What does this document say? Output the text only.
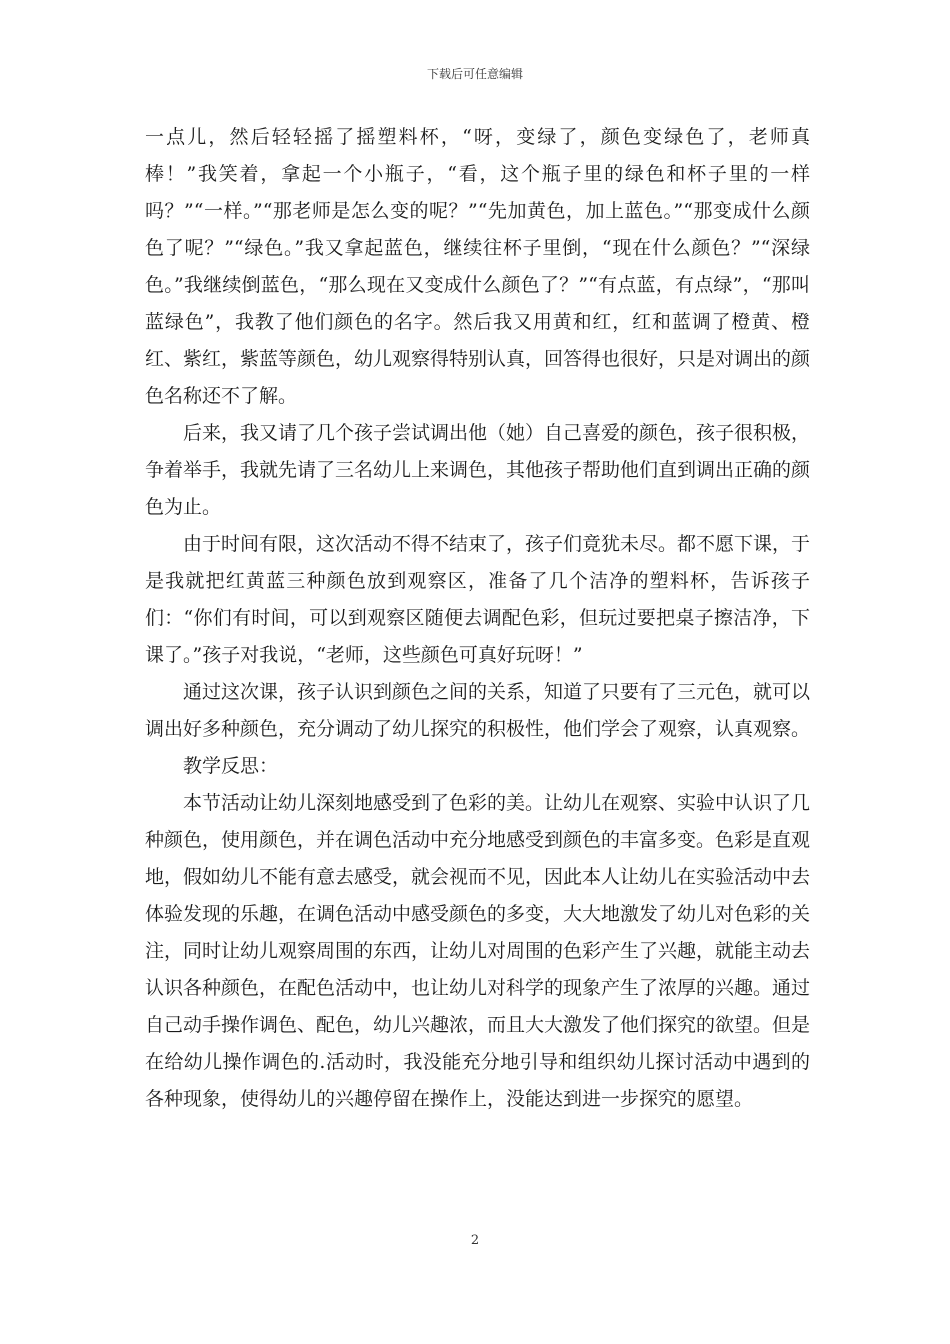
下载后可任意编辑

一点儿，然后轻轻摇了摇塑料杯，“呀，变绿了，颜色变绿色了，老师真棒！”我笑着，拿起一个小瓶子，“看，这个瓶子里的绿色和杯子里的一样吗？”“一样。”“那老师是怎么变的呢？”“先加黄色，加上蓝色。”“那变成什么颜色了呢？”“绿色。”我又拿起蓝色，继续往杯子里倒，“现在什么颜色？”“深绿色。”我继续倒蓝色，“那么现在又变成什么颜色了？”“有点蓝，有点绿”，“那叫蓝绿色”，我教了他们颜色的名字。然后我又用黄和红，红和蓝调了橙黄、橙红、紫红，紫蓝等颜色，幼儿观察得特别认真，回答得也很好，只是对调出的颜色名称还不了解。

后来，我又请了几个孩子尝试调出他（她）自己喜爱的颜色，孩子很积极，争着举手，我就先请了三名幼儿上来调色，其他孩子帮助他们直到调出正确的颜色为止。

由于时间有限，这次活动不得不结束了，孩子们竟犹未尽。都不愿下课，于是我就把红黄蓝三种颜色放到观察区，准备了几个洁净的塑料杯，告诉孩子们：“你们有时间，可以到观察区随便去调配色彩，但玩过要把桌子擦洁净，下课了。”孩子对我说，“老师，这些颜色可真好玩呀！”

通过这次课，孩子认识到颜色之间的关系，知道了只要有了三元色，就可以调出好多种颜色，充分调动了幼儿探究的积极性，他们学会了观察，认真观察。

教学反思：

本节活动让幼儿深刻地感受到了色彩的美。让幼儿在观察、实验中认识了几种颜色，使用颜色，并在调色活动中充分地感受到颜色的丰富多变。色彩是直观地，假如幼儿不能有意去感受，就会视而不见，因此本人让幼儿在实验活动中去体验发现的乐趣，在调色活动中感受颜色的多变，大大地激发了幼儿对色彩的关注，同时让幼儿观察周围的东西，让幼儿对周围的色彩产生了兴趣，就能主动去认识各种颜色，在配色活动中，也让幼儿对科学的现象产生了浓厚的兴趣。通过自己动手操作调色、配色，幼儿兴趣浓，而且大大激发了他们探究的欲望。但是在给幼儿操作调色的.活动时，我没能充分地引导和组织幼儿探讨活动中遇到的各种现象，使得幼儿的兴趣停留在操作上，没能达到进一步探究的愿望。

2
